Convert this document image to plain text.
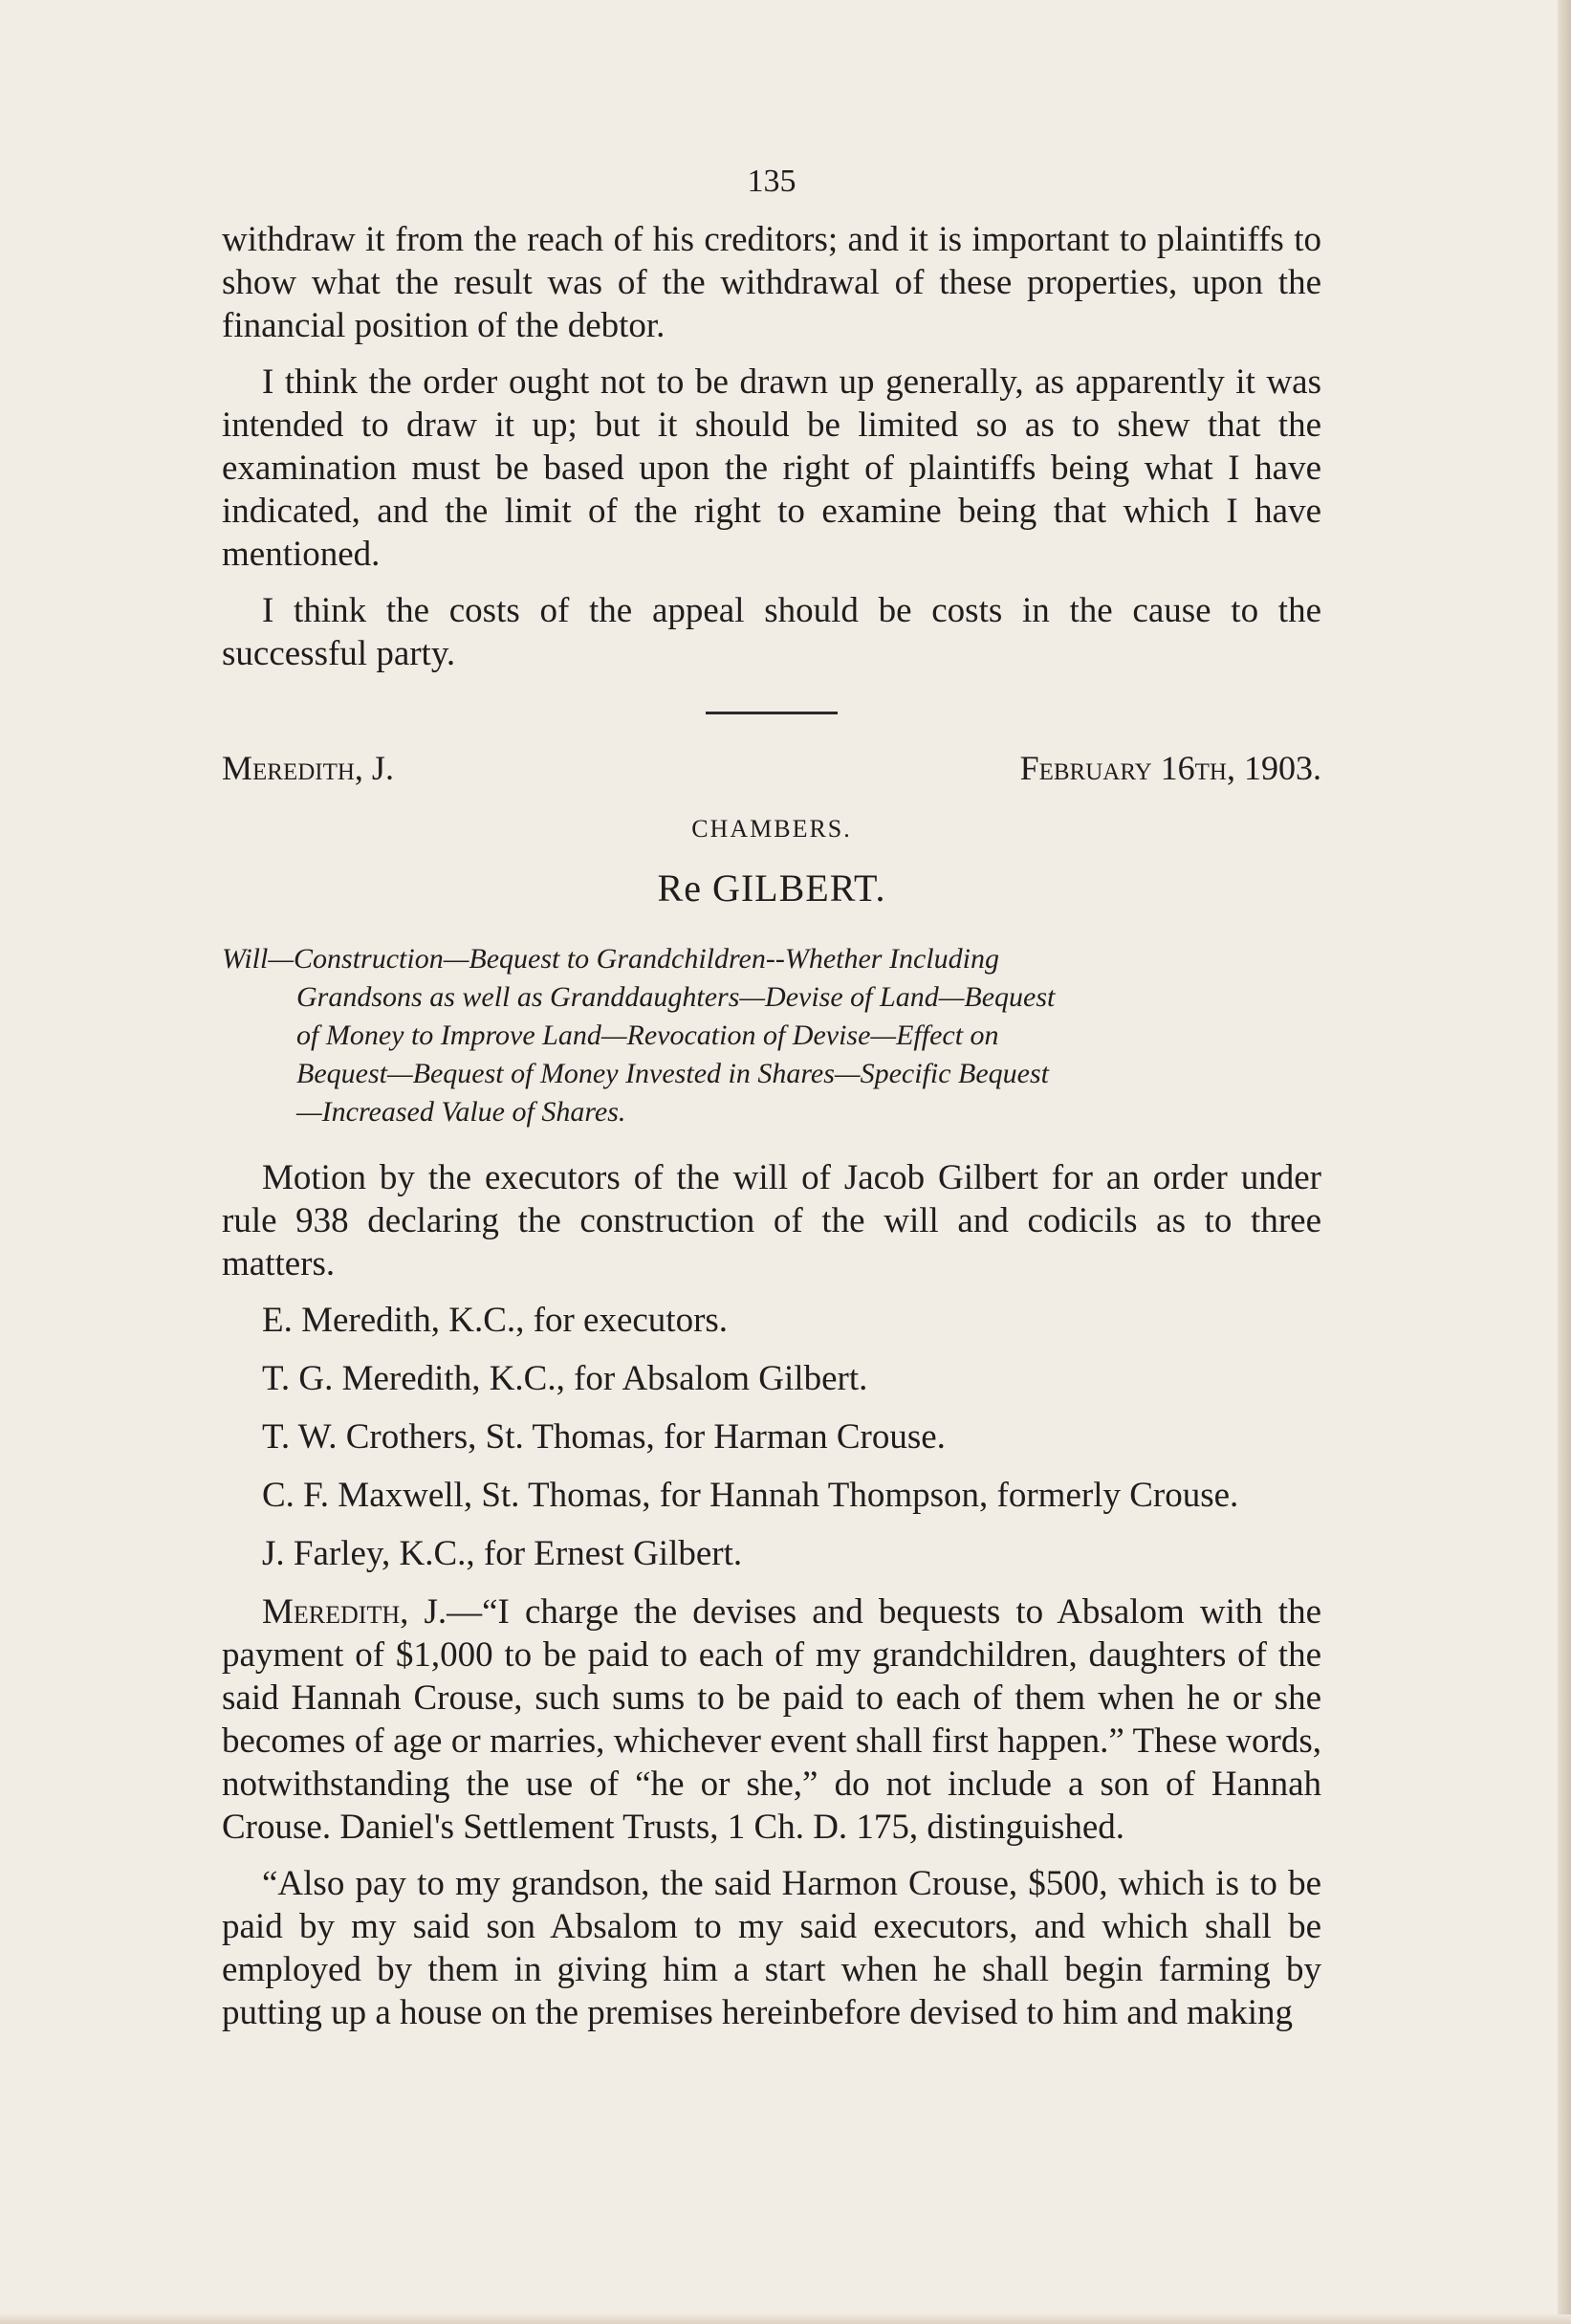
135

withdraw it from the reach of his creditors; and it is important to plaintiffs to show what the result was of the withdrawal of these properties, upon the financial position of the debtor.

I think the order ought not to be drawn up generally, as apparently it was intended to draw it up; but it should be limited so as to shew that the examination must be based upon the right of plaintiffs being what I have indicated, and the limit of the right to examine being that which I have mentioned.

I think the costs of the appeal should be costs in the cause to the successful party.

Meredith, J.	February 16th, 1903.
CHAMBERS.
Re GILBERT.
Will—Construction—Bequest to Grandchildren--Whether Including
Grandsons as well as Granddaughters—Devise of Land—Bequest
of Money to Improve Land—Revocation of Devise—Effect on
Bequest—Bequest of Money Invested in Shares—Specific Bequest
—Increased Value of Shares.

Motion by the executors of the will of Jacob Gilbert for an order under rule 938 declaring the construction of the will and codicils as to three matters.

E. Meredith, K.C., for executors.

T. G. Meredith, K.C., for Absalom Gilbert.

T. W. Crothers, St. Thomas, for Harman Crouse.

C. F. Maxwell, St. Thomas, for Hannah Thompson, formerly Crouse.

J. Farley, K.C., for Ernest Gilbert.

Meredith, J.—“I charge the devises and bequests to Absalom with the payment of $1,000 to be paid to each of my grandchildren, daughters of the said Hannah Crouse, such sums to be paid to each of them when he or she becomes of age or marries, whichever event shall first happen.” These words, notwithstanding the use of “he or she,” do not include a son of Hannah Crouse. Daniel's Settlement Trusts, 1 Ch. D. 175, distinguished.

“Also pay to my grandson, the said Harmon Crouse, $500, which is to be paid by my said son Absalom to my said executors, and which shall be employed by them in giving him a start when he shall begin farming by putting up a house on the premises hereinbefore devised to him and making
